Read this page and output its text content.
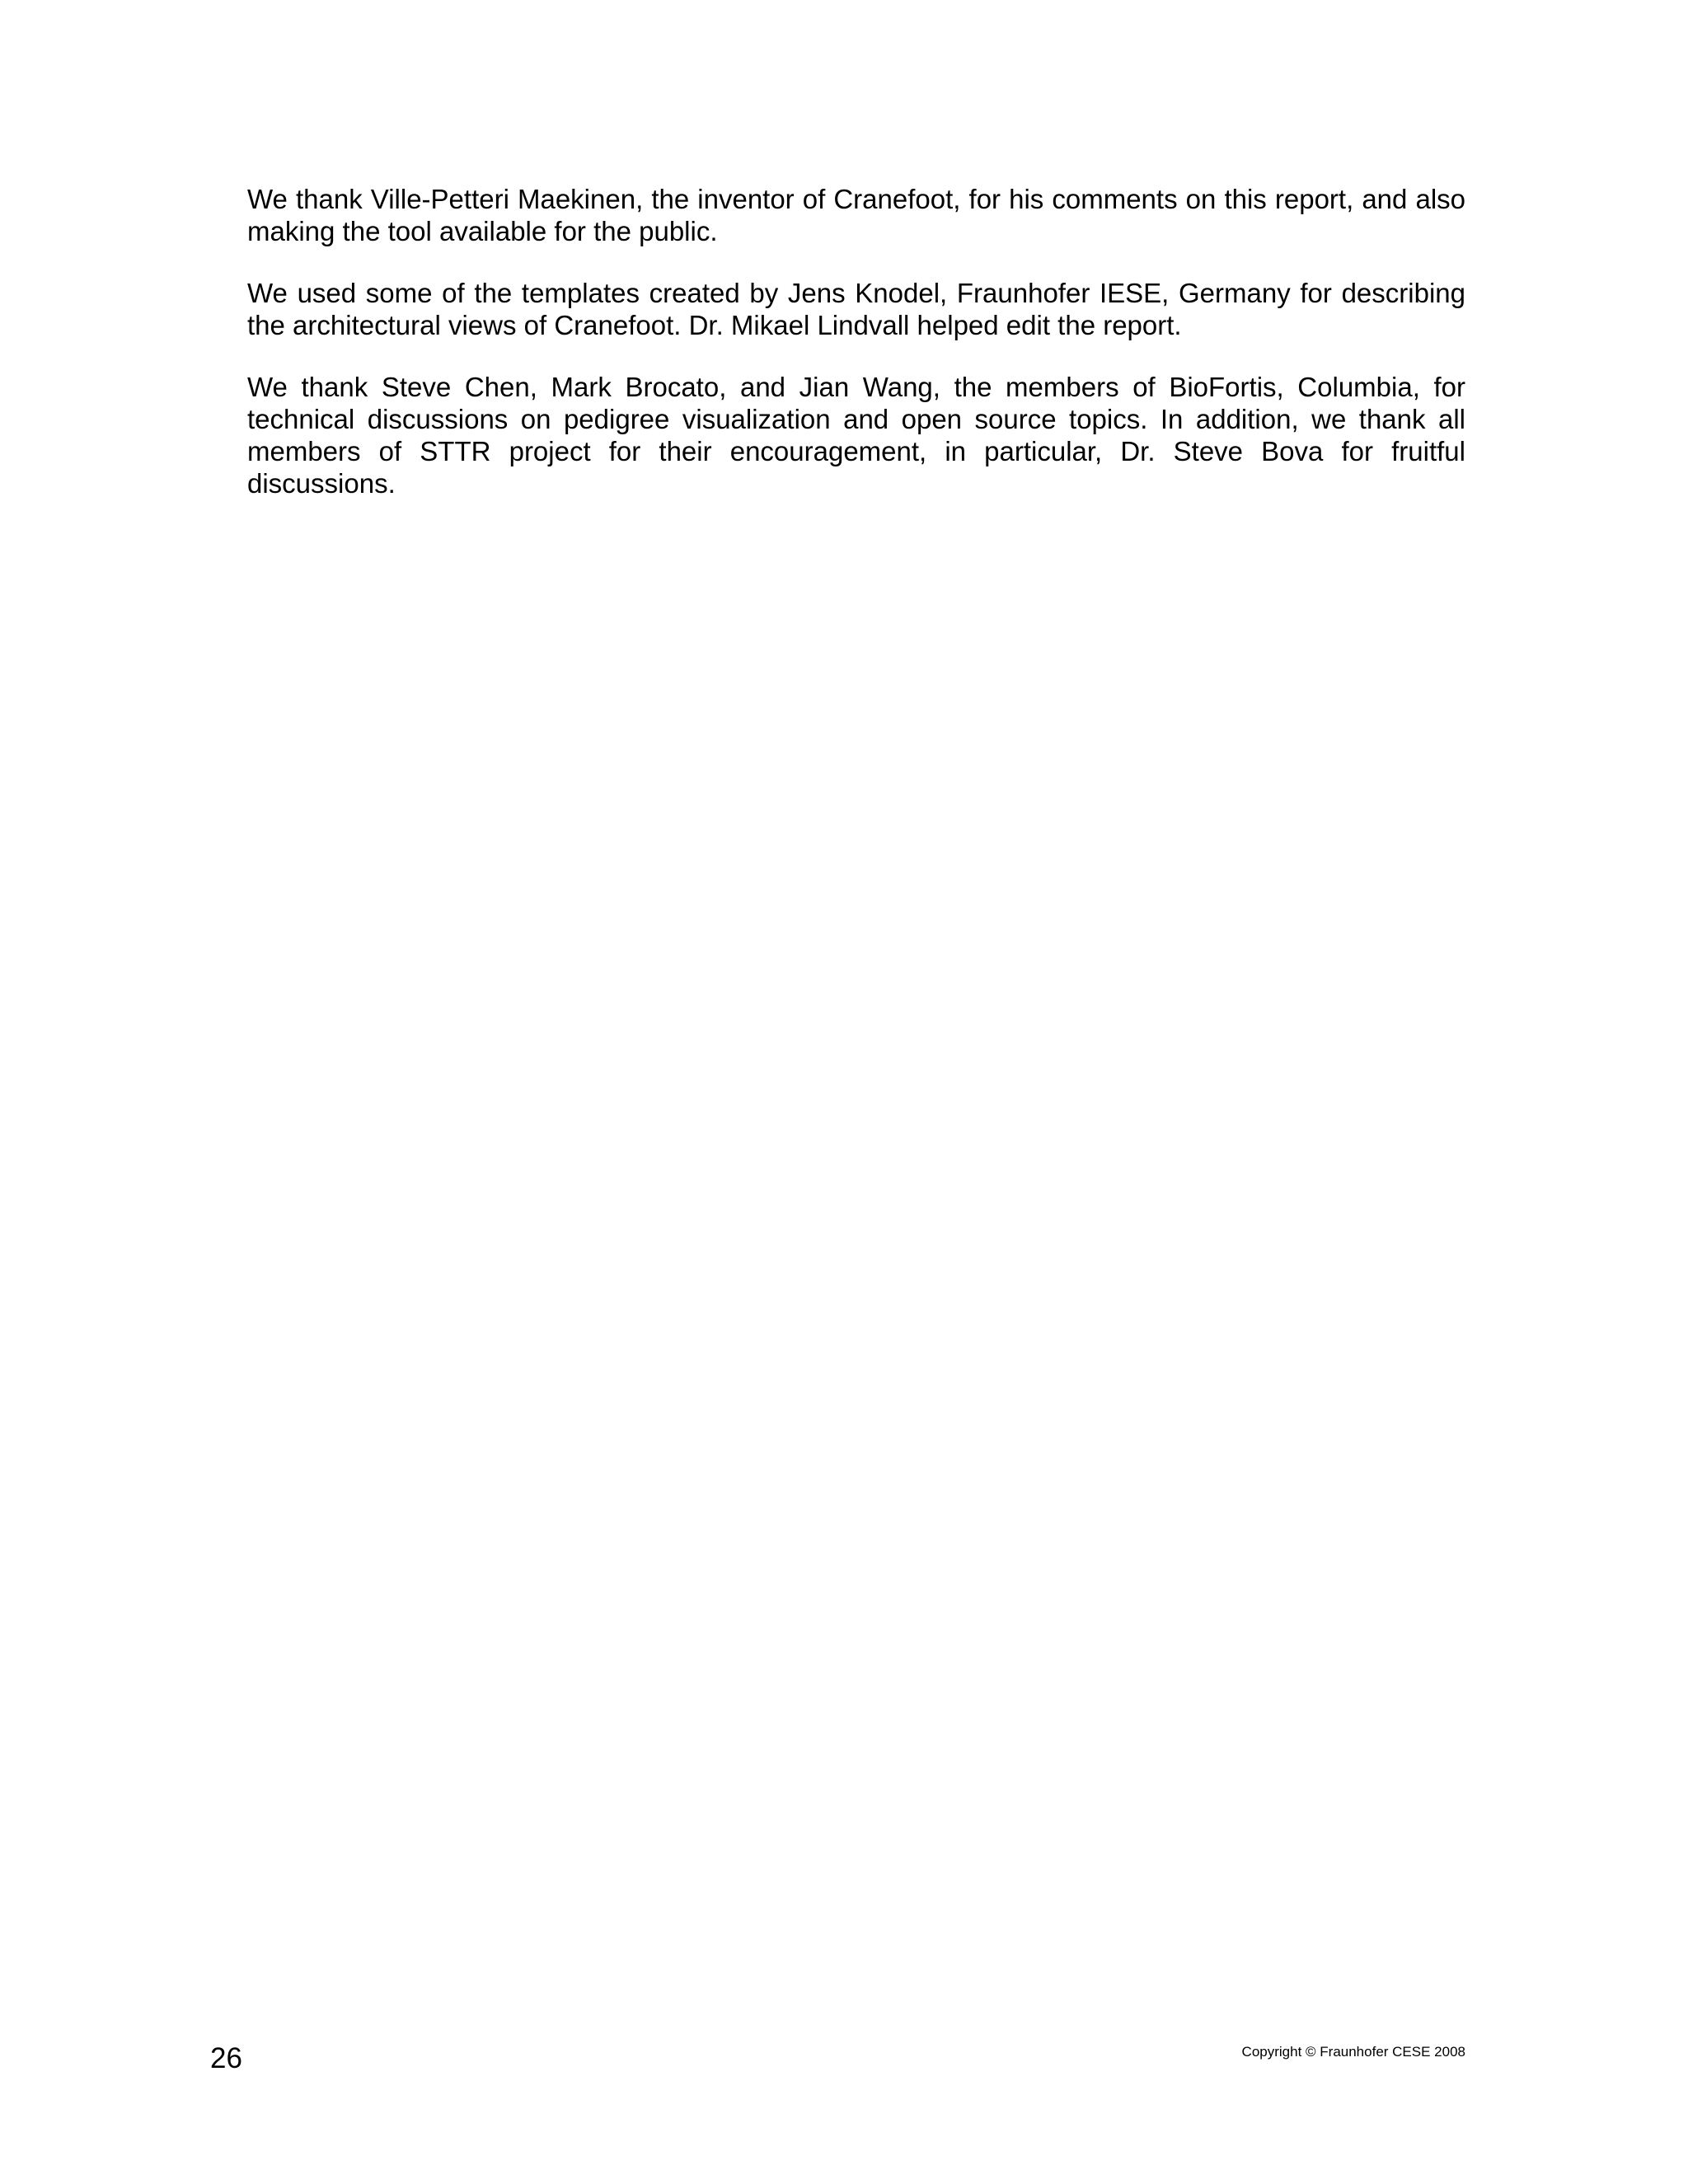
We thank Ville-Petteri Maekinen, the inventor of Cranefoot, for his comments on this report, and also making the tool available for the public.

We used some of the templates created by Jens Knodel, Fraunhofer IESE, Germany for describing the architectural views of Cranefoot. Dr. Mikael Lindvall helped edit the report.

We thank Steve Chen, Mark Brocato, and Jian Wang, the members of BioFortis, Columbia, for technical discussions on pedigree visualization and open source topics. In addition, we thank all members of STTR project for their encouragement, in particular, Dr. Steve Bova for fruitful discussions.

26	Copyright © Fraunhofer CESE 2008
